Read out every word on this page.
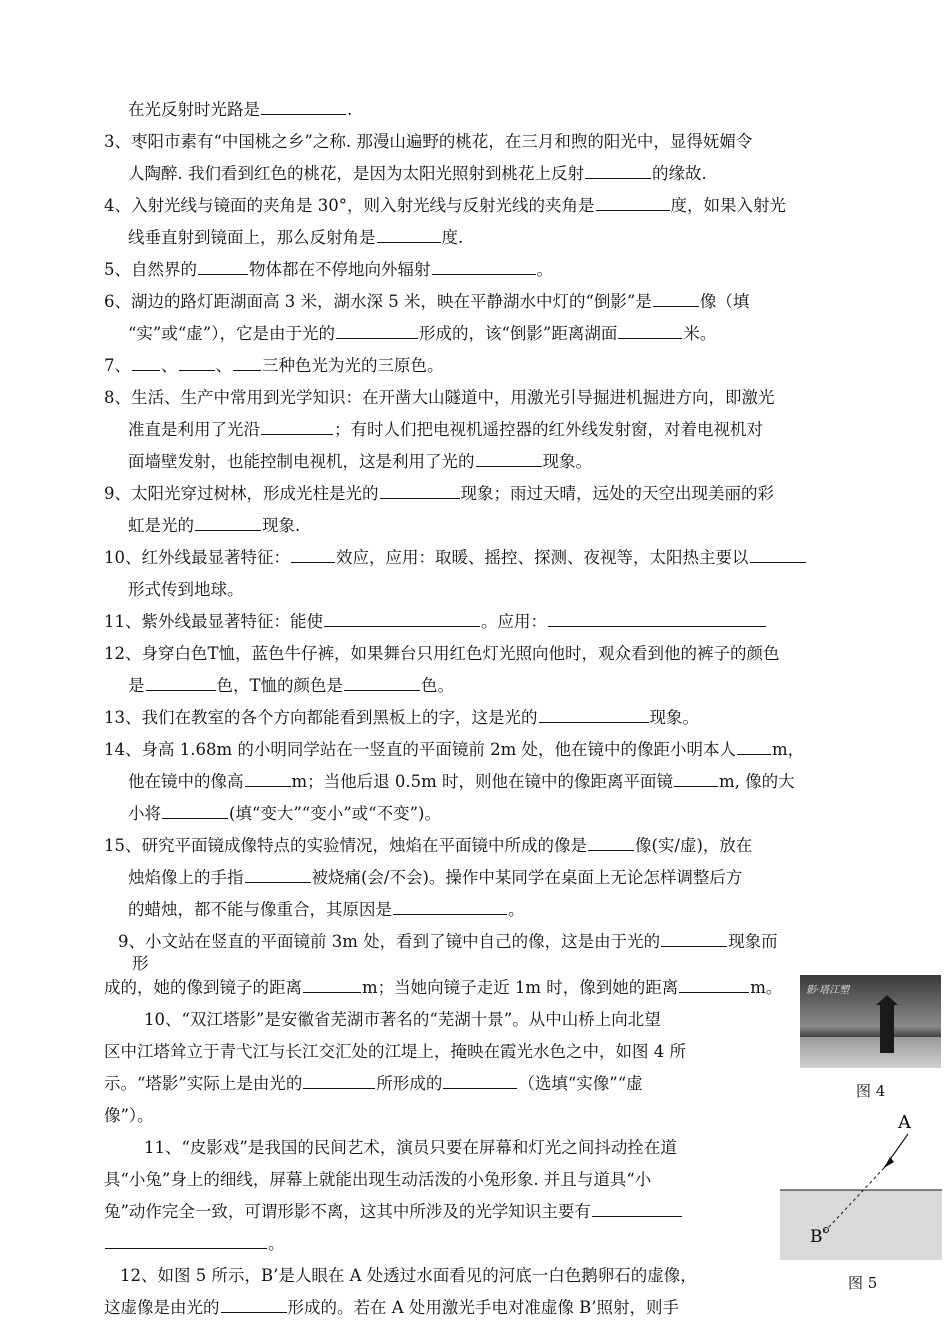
在光反射时光路是	.
3、枣阳市素有“中国桃之乡”之称. 那漫山遍野的桃花，在三月和煦的阳光中，显得妩媚令
人陶醉. 我们看到红色的桃花，是因为太阳光照射到桃花上反射	的缘故.
4、入射光线与镜面的夹角是 30°，则入射光线与反射光线的夹角是	度，如果入射光
线垂直射到镜面上，那么反射角是	度.
5、自然界的	物体都在不停地向外辐射	。
6、湖边的路灯距湖面高 3 米，湖水深 5 米，映在平静湖水中灯的“倒影”是	像（填
“实”或“虚”），它是由于光的	形成的，该“倒影”距离湖面	米。
7、 、 、 三种色光为光的三原色。
8、生活、生产中常用到光学知识：在开凿大山隧道中，用激光引导掘进机掘进方向，即激光
准直是利用了光沿	；有时人们把电视机遥控器的红外线发射窗，对着电视机对
面墙壁发射，也能控制电视机，这是利用了光的	现象。
9、太阳光穿过树林，形成光柱是光的	现象；雨过天晴，远处的天空出现美丽的彩
虹是光的	现象.
10、红外线最显著特征：	效应，应用：取暖、摇控、探测、夜视等，太阳热主要以
形式传到地球。
11、紫外线最显著特征：能使	。应用：
12、身穿白色T恤，蓝色牛仔裤，如果舞台只用红色灯光照向他时，观众看到他的裤子的颜色
是	色，T恤的颜色是	色。
13、我们在教室的各个方向都能看到黑板上的字，这是光的	现象。
14、身高 1.68m 的小明同学站在一竖直的平面镜前 2m 处，他在镜中的像距小明本人 m，
他在镜中的像高	m；当他后退 0.5m 时，则他在镜中的像距离平面镜	m, 像的大
小将	(填“变大”“变小”或“不变”)。
15、研究平面镜成像特点的实验情况，烛焰在平面镜中所成的像是	像(实/虚)，放在
烛焰像上的手指	被烧痛(会/不会)。操作中某同学在桌面上无论怎样调整后方
的蜡烛，都不能与像重合，其原因是	。
9、小文站在竖直的平面镜前 3m 处，看到了镜中自己的像，这是由于光的	现象而
形
成的，她的像到镜子的距离	m；当她向镜子走近 1m 时，像到她的距离	m。
10、“双江塔影”是安徽省芜湖市著名的“芜湖十景”。从中山桥上向北望
区中江塔耸立于青弋江与长江交汇处的江堤上，掩映在霞光水色之中，如图 4 所
示。“塔影”实际上是由光的	所形成的	（选填“实像”“虚
像”）。
11、“皮影戏”是我国的民间艺术，演员只要在屏幕和灯光之间抖动拴在道
具“小兔”身上的细线，屏幕上就能出现生动活泼的小兔形象. 并且与道具“小
兔”动作完全一致，可谓形影不离，这其中所涉及的光学知识主要有
。
12、如图 5 所示，B’是人眼在 A 处透过水面看见的河底一白色鹅卵石的虚像，
这虚像是由光的	形成的。若在 A 处用激光手电对准虚像 B’照射，则手
影·塔江塑
图 4
A
B′
图 5
